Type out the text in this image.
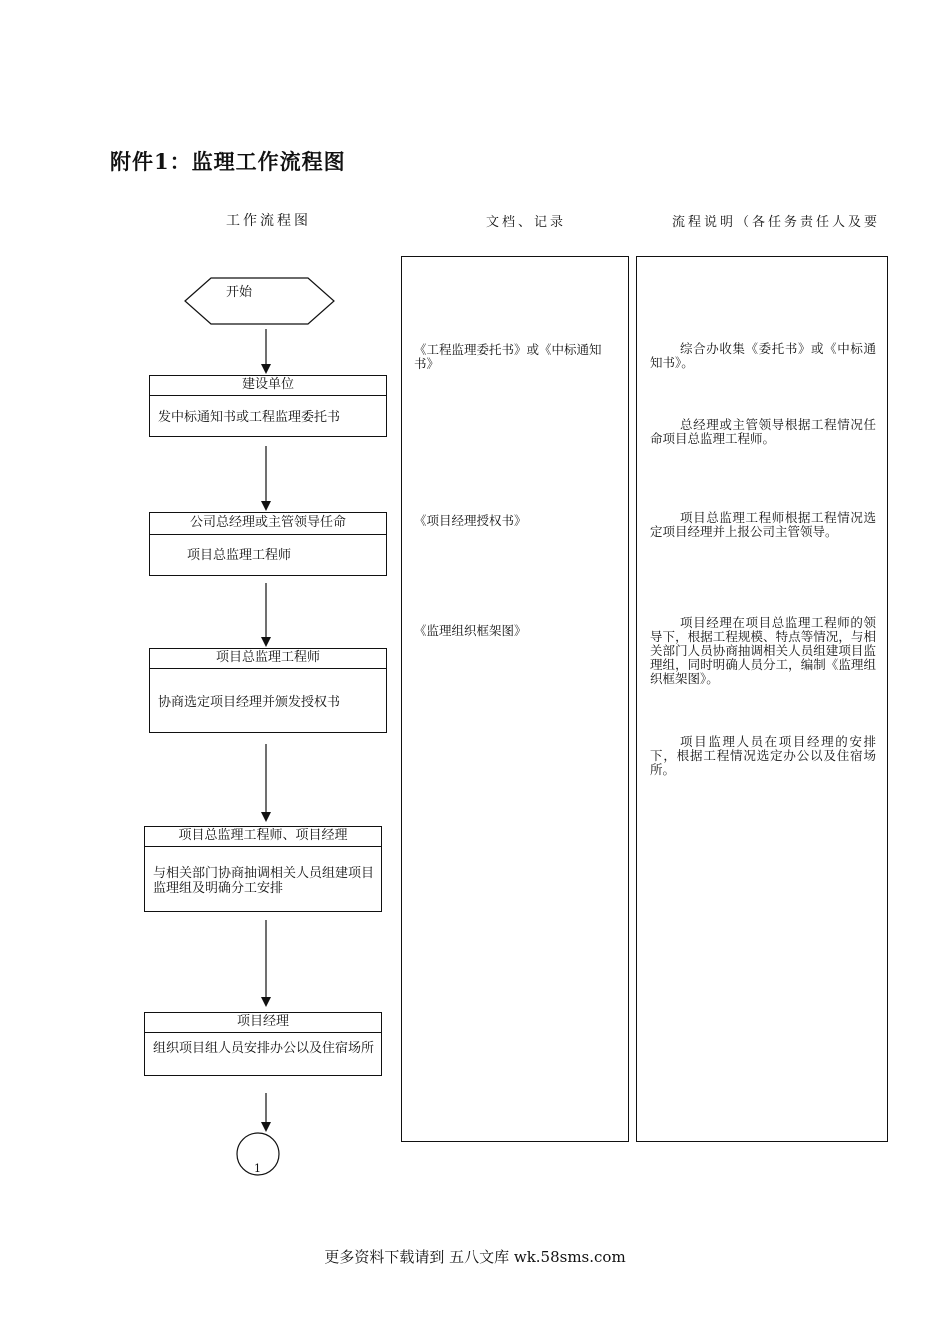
附件1：监理工作流程图
工作流程图	文档、记录	流程说明（各任务责任人及要
开始
1
建设单位
发中标通知书或工程监理委托书
公司总经理或主管领导任命
项目总监理工程师
项目总监理工程师
协商选定项目经理并颁发授权书
项目总监理工程师、项目经理
与相关部门协商抽调相关人员组建项目监理组及明确分工安排
项目经理
组织项目组人员安排办公以及住宿场所
《工程监理委托书》或《中标通知书》
《项目经理授权书》
《监理组织框架图》
综合办收集《委托书》或《中标通知书》。
总经理或主管领导根据工程情况任命项目总监理工程师。
项目总监理工程师根据工程情况选定项目经理并上报公司主管领导。
项目经理在项目总监理工程师的领导下，根据工程规模、特点等情况，与相关部门人员协商抽调相关人员组建项目监理组，同时明确人员分工，编制《监理组织框架图》。
项目监理人员在项目经理的安排下，根据工程情况选定办公以及住宿场所。
更多资料下载请到 五八文库 wk.58sms.com
